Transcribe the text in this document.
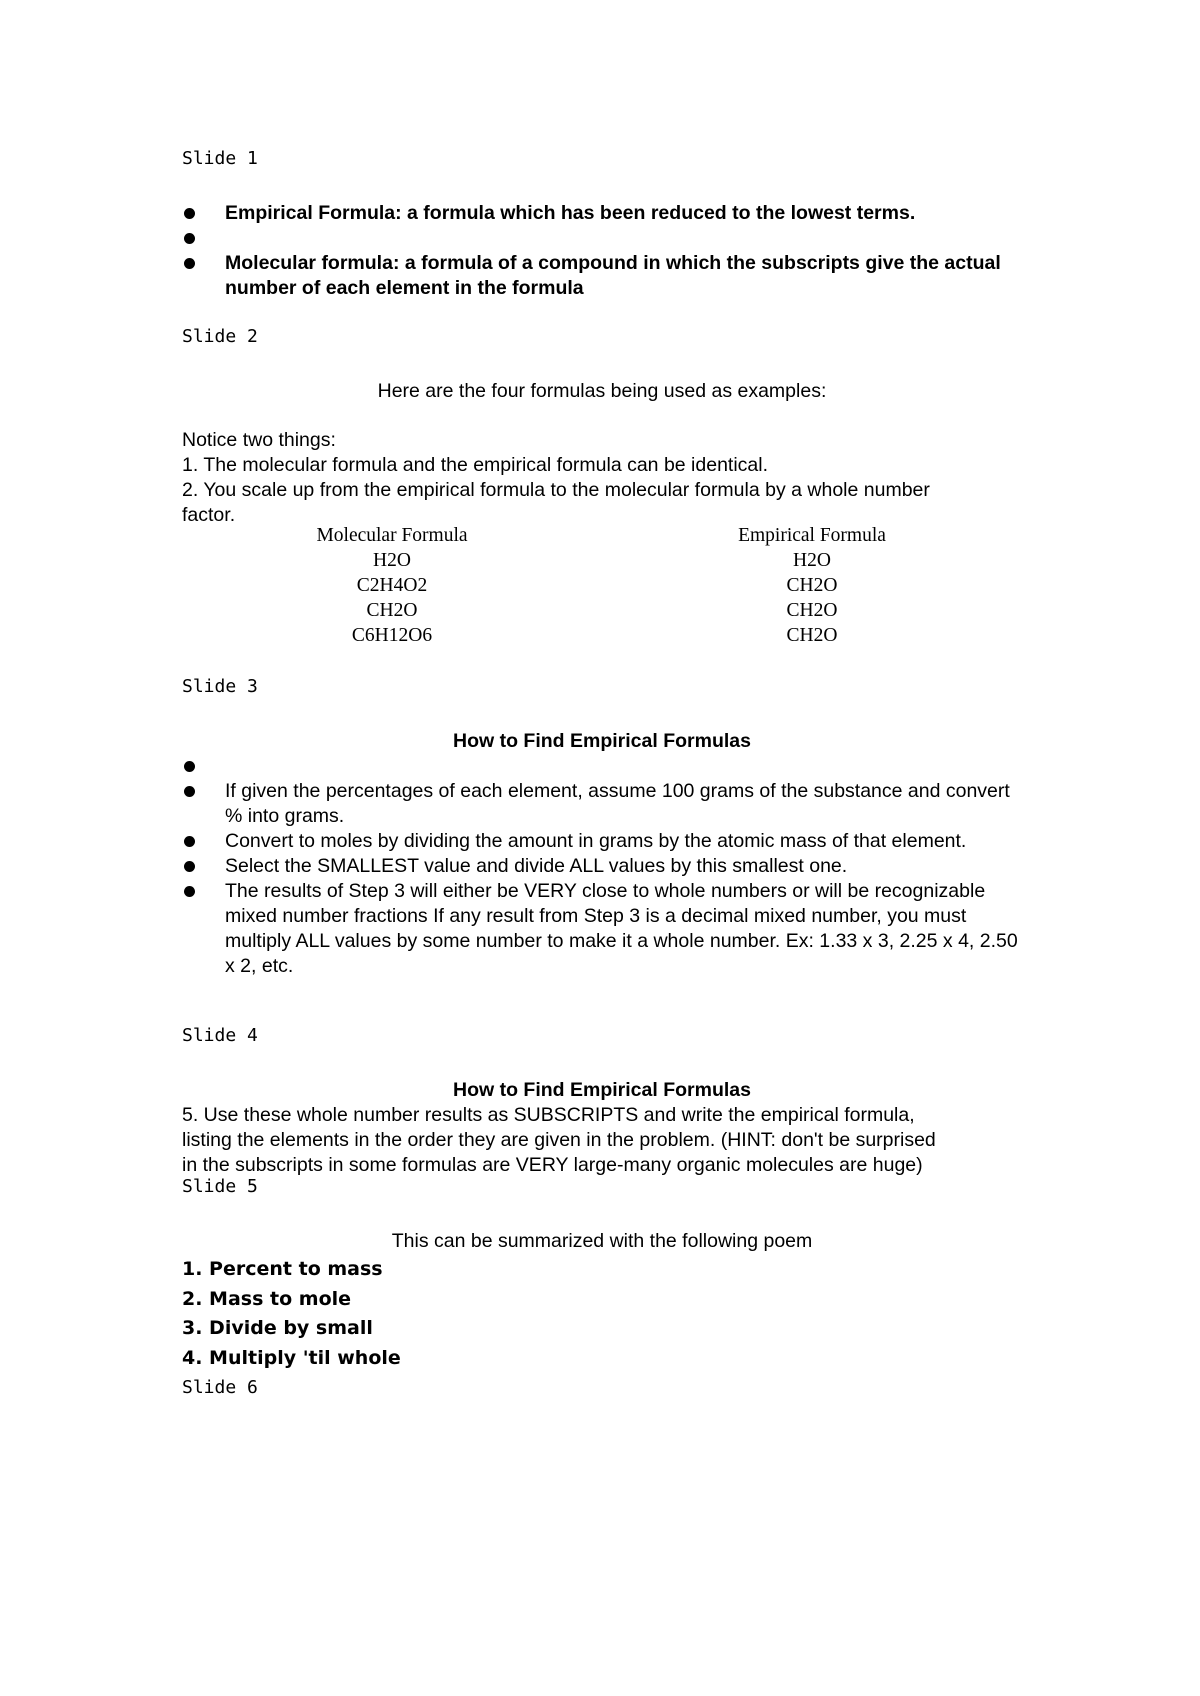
Slide 1
Empirical Formula: a formula which has been reduced to the lowest terms.
Molecular formula: a formula of a compound in which the subscripts give the actual number of each element in the formula
Slide 2
Here are the four formulas being used as examples:
Notice two things:
1. The molecular formula and the empirical formula can be identical.
2. You scale up from the empirical formula to the molecular formula by a whole number
factor.
Molecular Formula	Empirical Formula
H2O	H2O
C2H4O2	CH2O
CH2O	CH2O
C6H12O6	CH2O
Slide 3
How to Find Empirical Formulas
If given the percentages of each element, assume 100 grams of the substance and convert % into grams.
Convert to moles by dividing the amount in grams by the atomic mass of that element.
Select the SMALLEST value and divide ALL values by this smallest one.
The results of Step 3 will either be VERY close to whole numbers or will be recognizable mixed number fractions If any result from Step 3 is a decimal mixed number, you must multiply ALL values by some number to make it a whole number. Ex: 1.33 x 3, 2.25 x 4, 2.50 x 2, etc.
Slide 4
How to Find Empirical Formulas
5. Use these whole number results as SUBSCRIPTS and write the empirical formula,
listing the elements in the order they are given in the problem. (HINT: don't be surprised
in the subscripts in some formulas are VERY large-many organic molecules are huge)
Slide 5
This can be summarized with the following poem
1. Percent to mass
2. Mass to mole
3. Divide by small
4. Multiply 'til whole
Slide 6
